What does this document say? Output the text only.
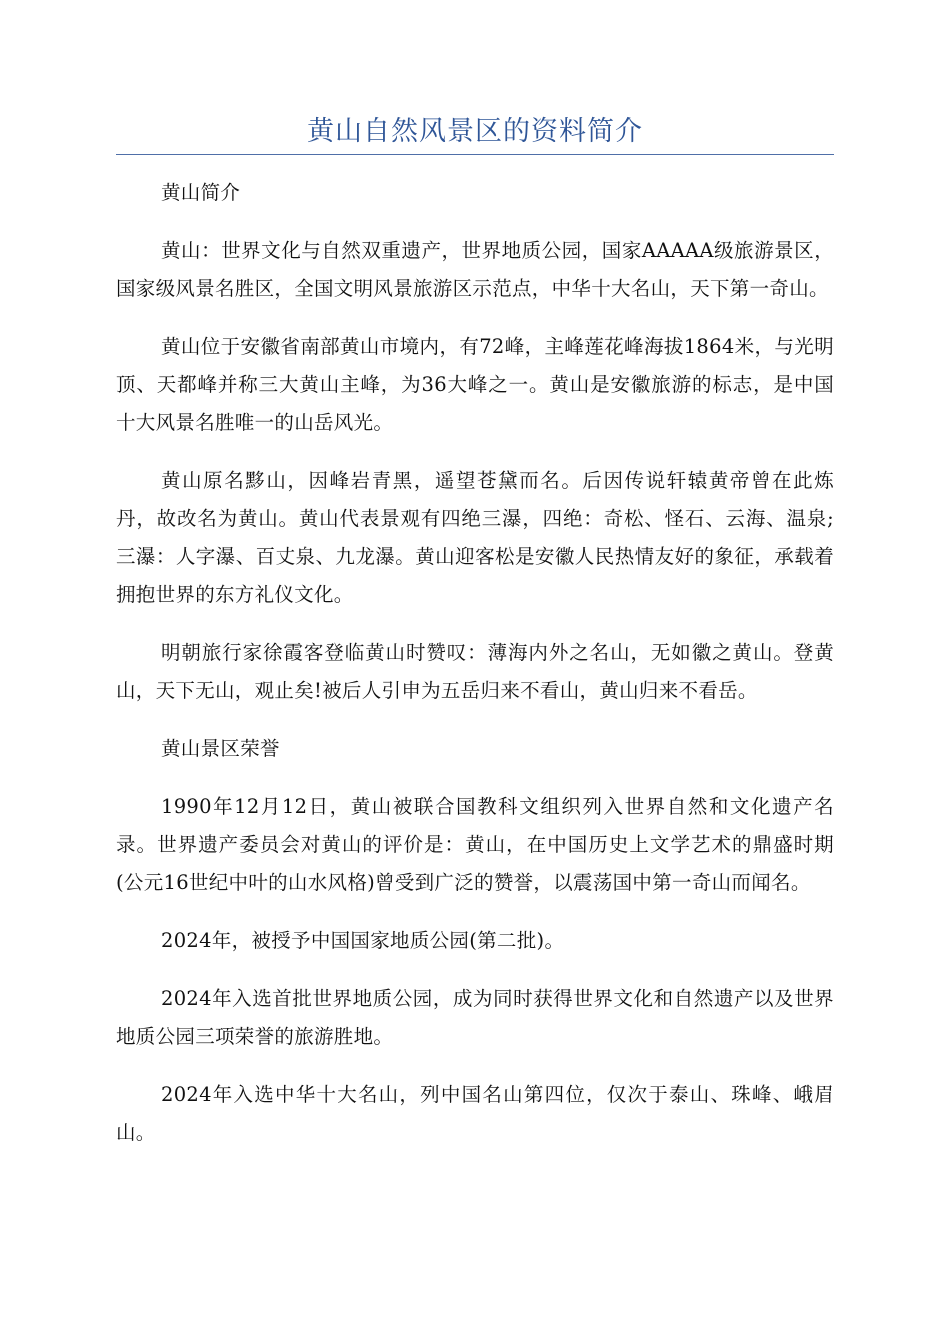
黄山自然风景区的资料简介

黄山简介

黄山：世界文化与自然双重遗产，世界地质公园，国家AAAAA级旅游景区，国家级风景名胜区，全国文明风景旅游区示范点，中华十大名山，天下第一奇山。

黄山位于安徽省南部黄山市境内，有72峰，主峰莲花峰海拔1864米，与光明顶、天都峰并称三大黄山主峰，为36大峰之一。黄山是安徽旅游的标志，是中国十大风景名胜唯一的山岳风光。

黄山原名黟山，因峰岩青黑，遥望苍黛而名。后因传说轩辕黄帝曾在此炼丹，故改名为黄山。黄山代表景观有四绝三瀑，四绝：奇松、怪石、云海、温泉;三瀑：人字瀑、百丈泉、九龙瀑。黄山迎客松是安徽人民热情友好的象征，承载着拥抱世界的东方礼仪文化。

明朝旅行家徐霞客登临黄山时赞叹：薄海内外之名山，无如徽之黄山。登黄山，天下无山，观止矣!被后人引申为五岳归来不看山，黄山归来不看岳。

黄山景区荣誉

1990年12月12日，黄山被联合国教科文组织列入世界自然和文化遗产名录。世界遗产委员会对黄山的评价是：黄山，在中国历史上文学艺术的鼎盛时期(公元16世纪中叶的山水风格)曾受到广泛的赞誉，以震荡国中第一奇山而闻名。

2024年，被授予中国国家地质公园(第二批)。

2024年入选首批世界地质公园，成为同时获得世界文化和自然遗产以及世界地质公园三项荣誉的旅游胜地。

2024年入选中华十大名山，列中国名山第四位，仅次于泰山、珠峰、峨眉山。
